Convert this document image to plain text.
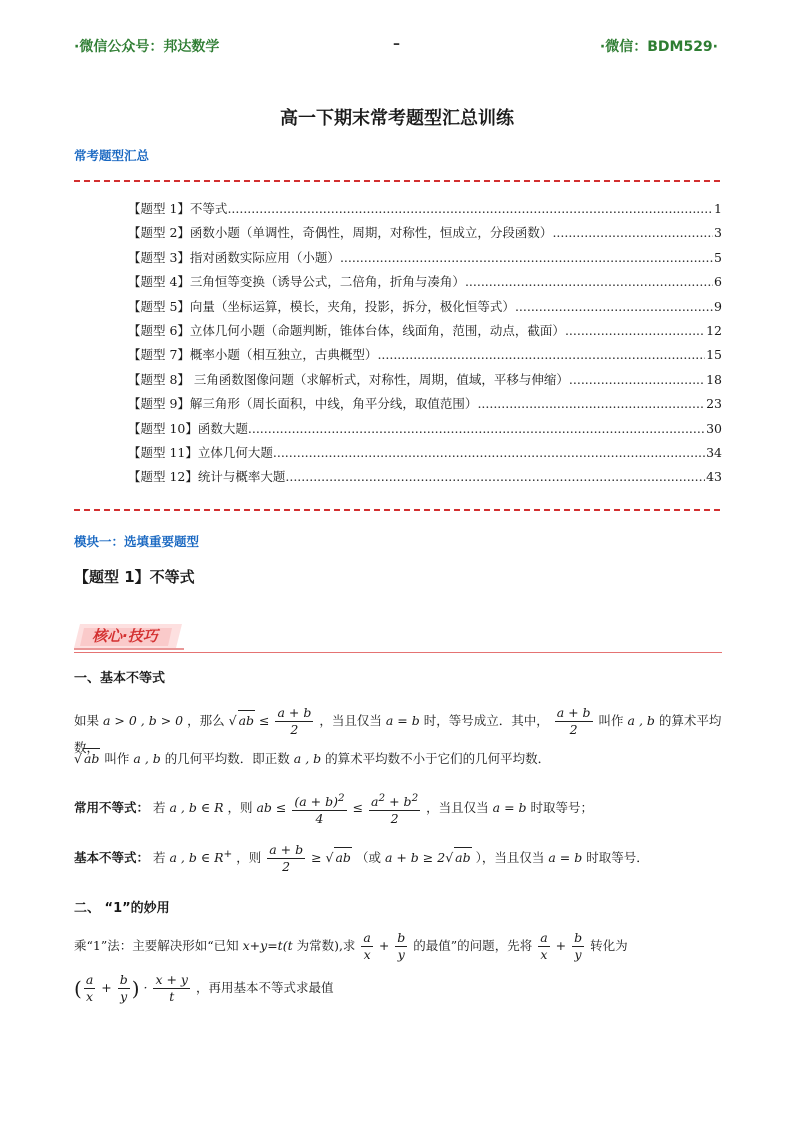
·微信公众号：邦达数学	–	·微信：BDM529·
高一下期末常考题型汇总训练
常考题型汇总
【题型 1】不等式 .....	1
【题型 2】函数小题（单调性，奇偶性，周期，对称性，恒成立，分段函数） .....	3
【题型 3】指对函数实际应用（小题） .....	5
【题型 4】三角恒等变换（诱导公式，二倍角，折角与凑角） .....	6
【题型 5】向量（坐标运算，模长，夹角，投影，拆分，极化恒等式） .....	9
【题型 6】立体几何小题（命题判断，锥体台体，线面角，范围，动点，截面） .....	12
【题型 7】概率小题（相互独立，古典概型） .....	15
【题型 8】 三角函数图像问题（求解析式，对称性，周期，值域，平移与伸缩） .....	18
【题型 9】解三角形（周长面积，中线，角平分线，取值范围） .....	23
【题型 10】函数大题 .....	30
【题型 11】立体几何大题 .....	34
【题型 12】统计与概率大题 .....	43
模块一：选填重要题型
【题型 1】不等式
核心·技巧
一、基本不等式
如果 a > 0 , b > 0 ，那么 √ ab ≤ $\frac{a + b}{2}$ ，当且仅当 a = b 时，等号成立．其中， $\frac{a + b}{2}$ 叫作 a , b 的算术平均数，
√ ab 叫作 a , b 的几何平均数．即正数 a , b 的算术平均数不小于它们的几何平均数．
常用不等式： 若 a , b ∈ R ，则 ab ≤ $\frac{(a + b)^2}{4} \le \frac{a^2 + b^2}{2}$ ，当且仅当 a = b 时取等号；
基本不等式： 若 a , b ∈ R+ ，则 $\frac{a + b}{2}$ ≥ √ ab （或 a + b ≥ 2√ ab ），当且仅当 a = b 时取等号．
二、 “1”的妙用
乘“1”法：主要解决形如“已知 x+y=t(t 为常数),求 $\frac{a}{x} + \frac{b}{y}$ 的最值”的问题，先将 $\frac{a}{x} + \frac{b}{y}$ 转化为
( $\frac{a}{x} + \frac{b}{y}$ ) · $\frac{x + y}{t}$ ，再用基本不等式求最值
